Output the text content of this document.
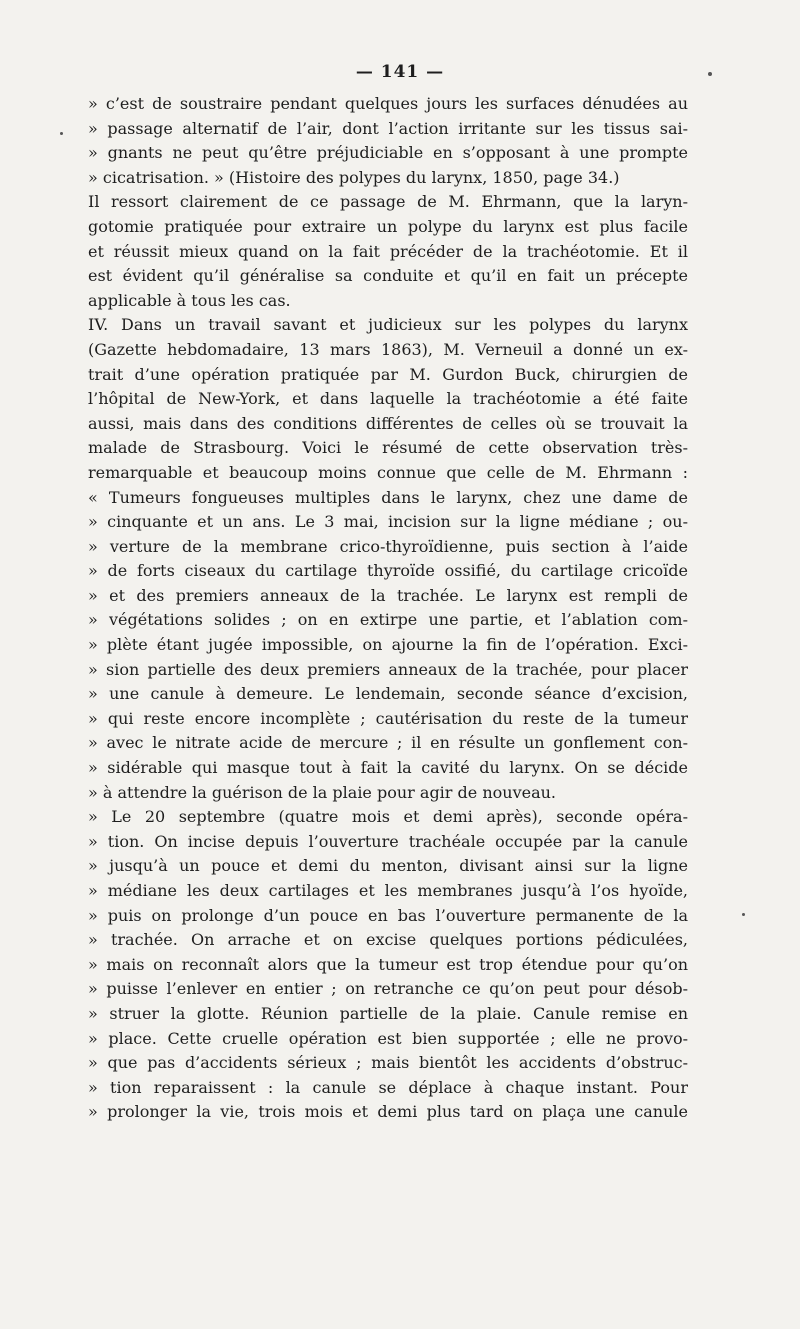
— 141 —
» c’est de soustraire pendant quelques jours les surfaces dénudées au
» passage alternatif de l’air, dont l’action irritante sur les tissus sai-
» gnants ne peut qu’être préjudiciable en s’opposant à une prompte
» cicatrisation. » (Histoire des polypes du larynx, 1850, page 34.)
Il ressort clairement de ce passage de M. Ehrmann, que la laryn-
gotomie pratiquée pour extraire un polype du larynx est plus facile
et réussit mieux quand on la fait précéder de la trachéotomie. Et il
est évident qu’il généralise sa conduite et qu’il en fait un précepte
applicable à tous les cas.
IV. Dans un travail savant et judicieux sur les polypes du larynx
(Gazette hebdomadaire, 13 mars 1863), M. Verneuil a donné un ex-
trait d’une opération pratiquée par M. Gurdon Buck, chirurgien de
l’hôpital de New-York, et dans laquelle la trachéotomie a été faite
aussi, mais dans des conditions différentes de celles où se trouvait la
malade de Strasbourg. Voici le résumé de cette observation très-
remarquable et beaucoup moins connue que celle de M. Ehrmann :
« Tumeurs fongueuses multiples dans le larynx, chez une dame de
» cinquante et un ans. Le 3 mai, incision sur la ligne médiane ; ou-
» verture de la membrane crico-thyroïdienne, puis section à l’aide
» de forts ciseaux du cartilage thyroïde ossifié, du cartilage cricoïde
» et des premiers anneaux de la trachée. Le larynx est rempli de
» végétations solides ; on en extirpe une partie, et l’ablation com-
» plète étant jugée impossible, on ajourne la fin de l’opération. Exci-
» sion partielle des deux premiers anneaux de la trachée, pour placer
» une canule à demeure. Le lendemain, seconde séance d’excision,
» qui reste encore incomplète ; cautérisation du reste de la tumeur
» avec le nitrate acide de mercure ; il en résulte un gonflement con-
» sidérable qui masque tout à fait la cavité du larynx. On se décide
» à attendre la guérison de la plaie pour agir de nouveau.
» Le 20 septembre (quatre mois et demi après), seconde opéra-
» tion. On incise depuis l’ouverture trachéale occupée par la canule
» jusqu’à un pouce et demi du menton, divisant ainsi sur la ligne
» médiane les deux cartilages et les membranes jusqu’à l’os hyoïde,
» puis on prolonge d’un pouce en bas l’ouverture permanente de la
» trachée. On arrache et on excise quelques portions pédiculées,
» mais on reconnaît alors que la tumeur est trop étendue pour qu’on
» puisse l’enlever en entier ; on retranche ce qu’on peut pour désob-
» struer la glotte. Réunion partielle de la plaie. Canule remise en
» place. Cette cruelle opération est bien supportée ; elle ne provo-
» que pas d’accidents sérieux ; mais bientôt les accidents d’obstruc-
» tion reparaissent : la canule se déplace à chaque instant. Pour
» prolonger la vie, trois mois et demi plus tard on plaça une canule
